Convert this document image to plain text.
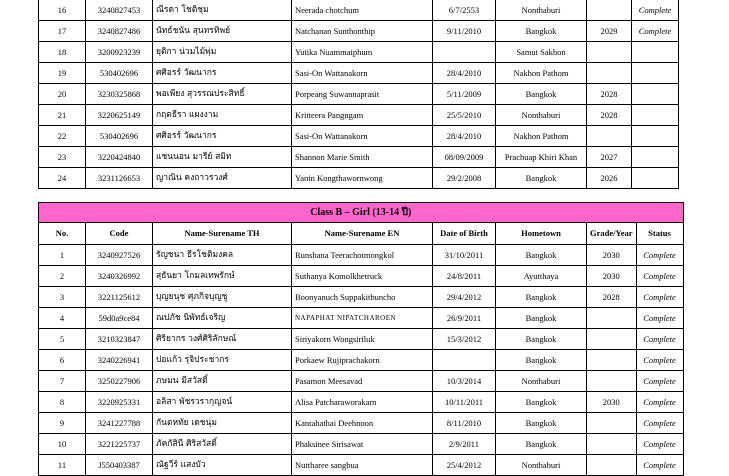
16	3240827453	ณีรดา โชติชุม	Neerada chotchum	6/7/2553	Nonthaburi		Complete
17	3240827486	นัทธ์ชนัน สุนทรทิพย์	Natchanan Sunthonthip	9/11/2010	Bangkok	2029	Complete
18	3200923239	ยุติกา น่วมไม้พุ่ม	Yutika Nuammaiphum		Samut Sakhon		
19	530402696	ศศิอรร์ วัฒนากร	Sasi-On Wattanakorn	28/4/2010	Nakhon Pathom		
20	3230325868	พอเพียง สุวรรณประสิทธิ์	Porpeang Suwannaprasit	5/11/2009	Bangkok	2028	
21	3220625149	กฤตธีรา แผงงาม	Kritteera Pangngam	25/5/2010	Nonthaburi	2028	
22	530402696	ศศิอรร์ วัฒนากร	Sasi-On Wattanakorn	28/4/2010	Nakhon Pathom		
23	3220424840	แชนนอน มารีย์ สมิท	Shannon Marie Smith	08/09/2009	Prachuap Khiri Khan	2027	
24	3231126653	ญาณิน คงถาวรวงศ์	Yanin Kongthawornwong	29/2/2008	Bangkok	2026	
Class B – Girl (13-14 ปี)							
No.	Code	Name-Surename TH	Name-Surename EN	Date of Birth	Hometown	Grade/Year	Status
1	3240927526	รัญชนา ธีรโชติมงคล	Runshana Teerachotmongkol	31/10/2011	Bangkok	2030	Complete
2	3240326992	สุธันยา โกมลเทพรักษ์	Suthanya Komolkhetruck	24/8/2011	Ayutthaya	2030	Complete
3	3221125612	บุญยนุช ศุภกิจบุญชู	Boonyanuch Suppakitbuncho	29/4/2012	Bangkok	2028	Complete
4	59d0a9ce84	ณปภัช นิพัทธ์เจริญ	NAPAPHAT NIPATCHAROEN	26/9/2011	Bangkok		Complete
5	3210323847	ศิริยากร วงศ์ศิริลักษณ์	Siriyakorn Wongsiriluk	15/3/2012	Bangkok		Complete
6	3240226941	ปอแก้ว รุจิประชากร	Porkaew Rujiprachakorn		Bangkok		Complete
7	3250227906	ภษมน มีสวัสดิ์	Pasamon Meesavad	10/3/2014	Nonthaburi		Complete
8	3220925331	อลิสา พัชรวรากุญจน์	Alisa Patcharaworakarn	10/11/2011	Bangkok	2030	Complete
9	3241227788	กันตหทัย เดชนุ่ม	Kantahathai Deehnoon	8/11/2010	Bangkok		Complete
10	3221225737	ภัคกัสินี ศิริสวัสดิ์	Phaksinee Sirisawat	2/9/2011	Bangkok		Complete
11	J550403387	ณัฐวีร์ แสงบัว	Nuttharee sangbua	25/4/2012	Nonthaburi		Complete
